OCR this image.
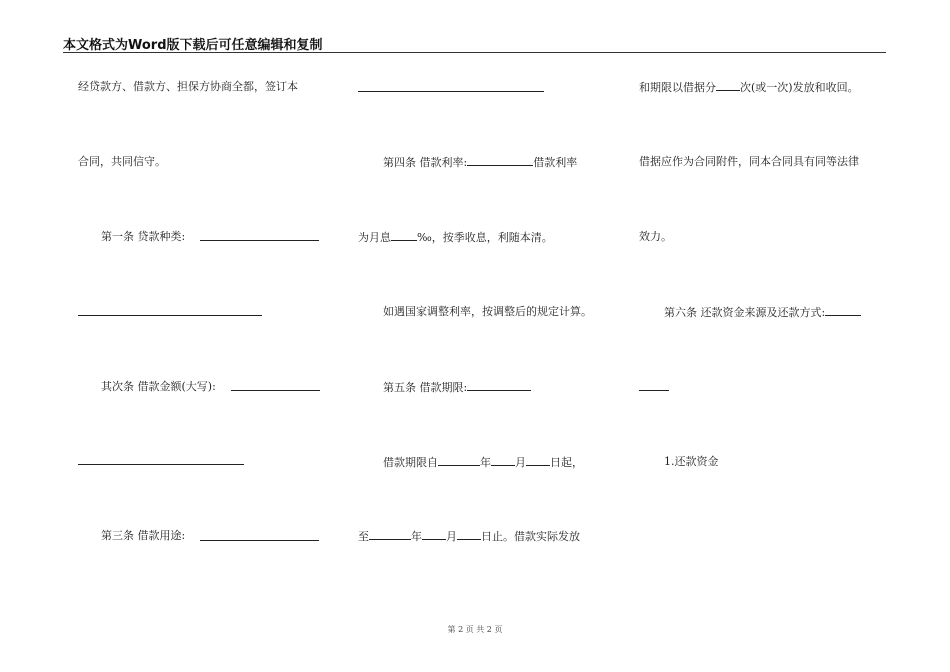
本文格式为Word版下载后可任意编辑和复制
经贷款方、借款方、担保方协商全都，签订本
合同，共同信守。
第一条 贷款种类:
其次条 借款金额(大写):
第三条 借款用途:
第四条 借款利率:	借款利率
为月息 ‰，按季收息，利随本清。
如遇国家调整利率，按调整后的规定计算。
第五条 借款期限:
借款期限自	年 月 日起，
至	年 月 日止。借款实际发放
和期限以借据分 次(或一次)发放和收回。
借据应作为合同附件，同本合同具有同等法律
效力。
第六条 还款资金来源及还款方式:
1.还款资金
第 2 页 共 2 页
